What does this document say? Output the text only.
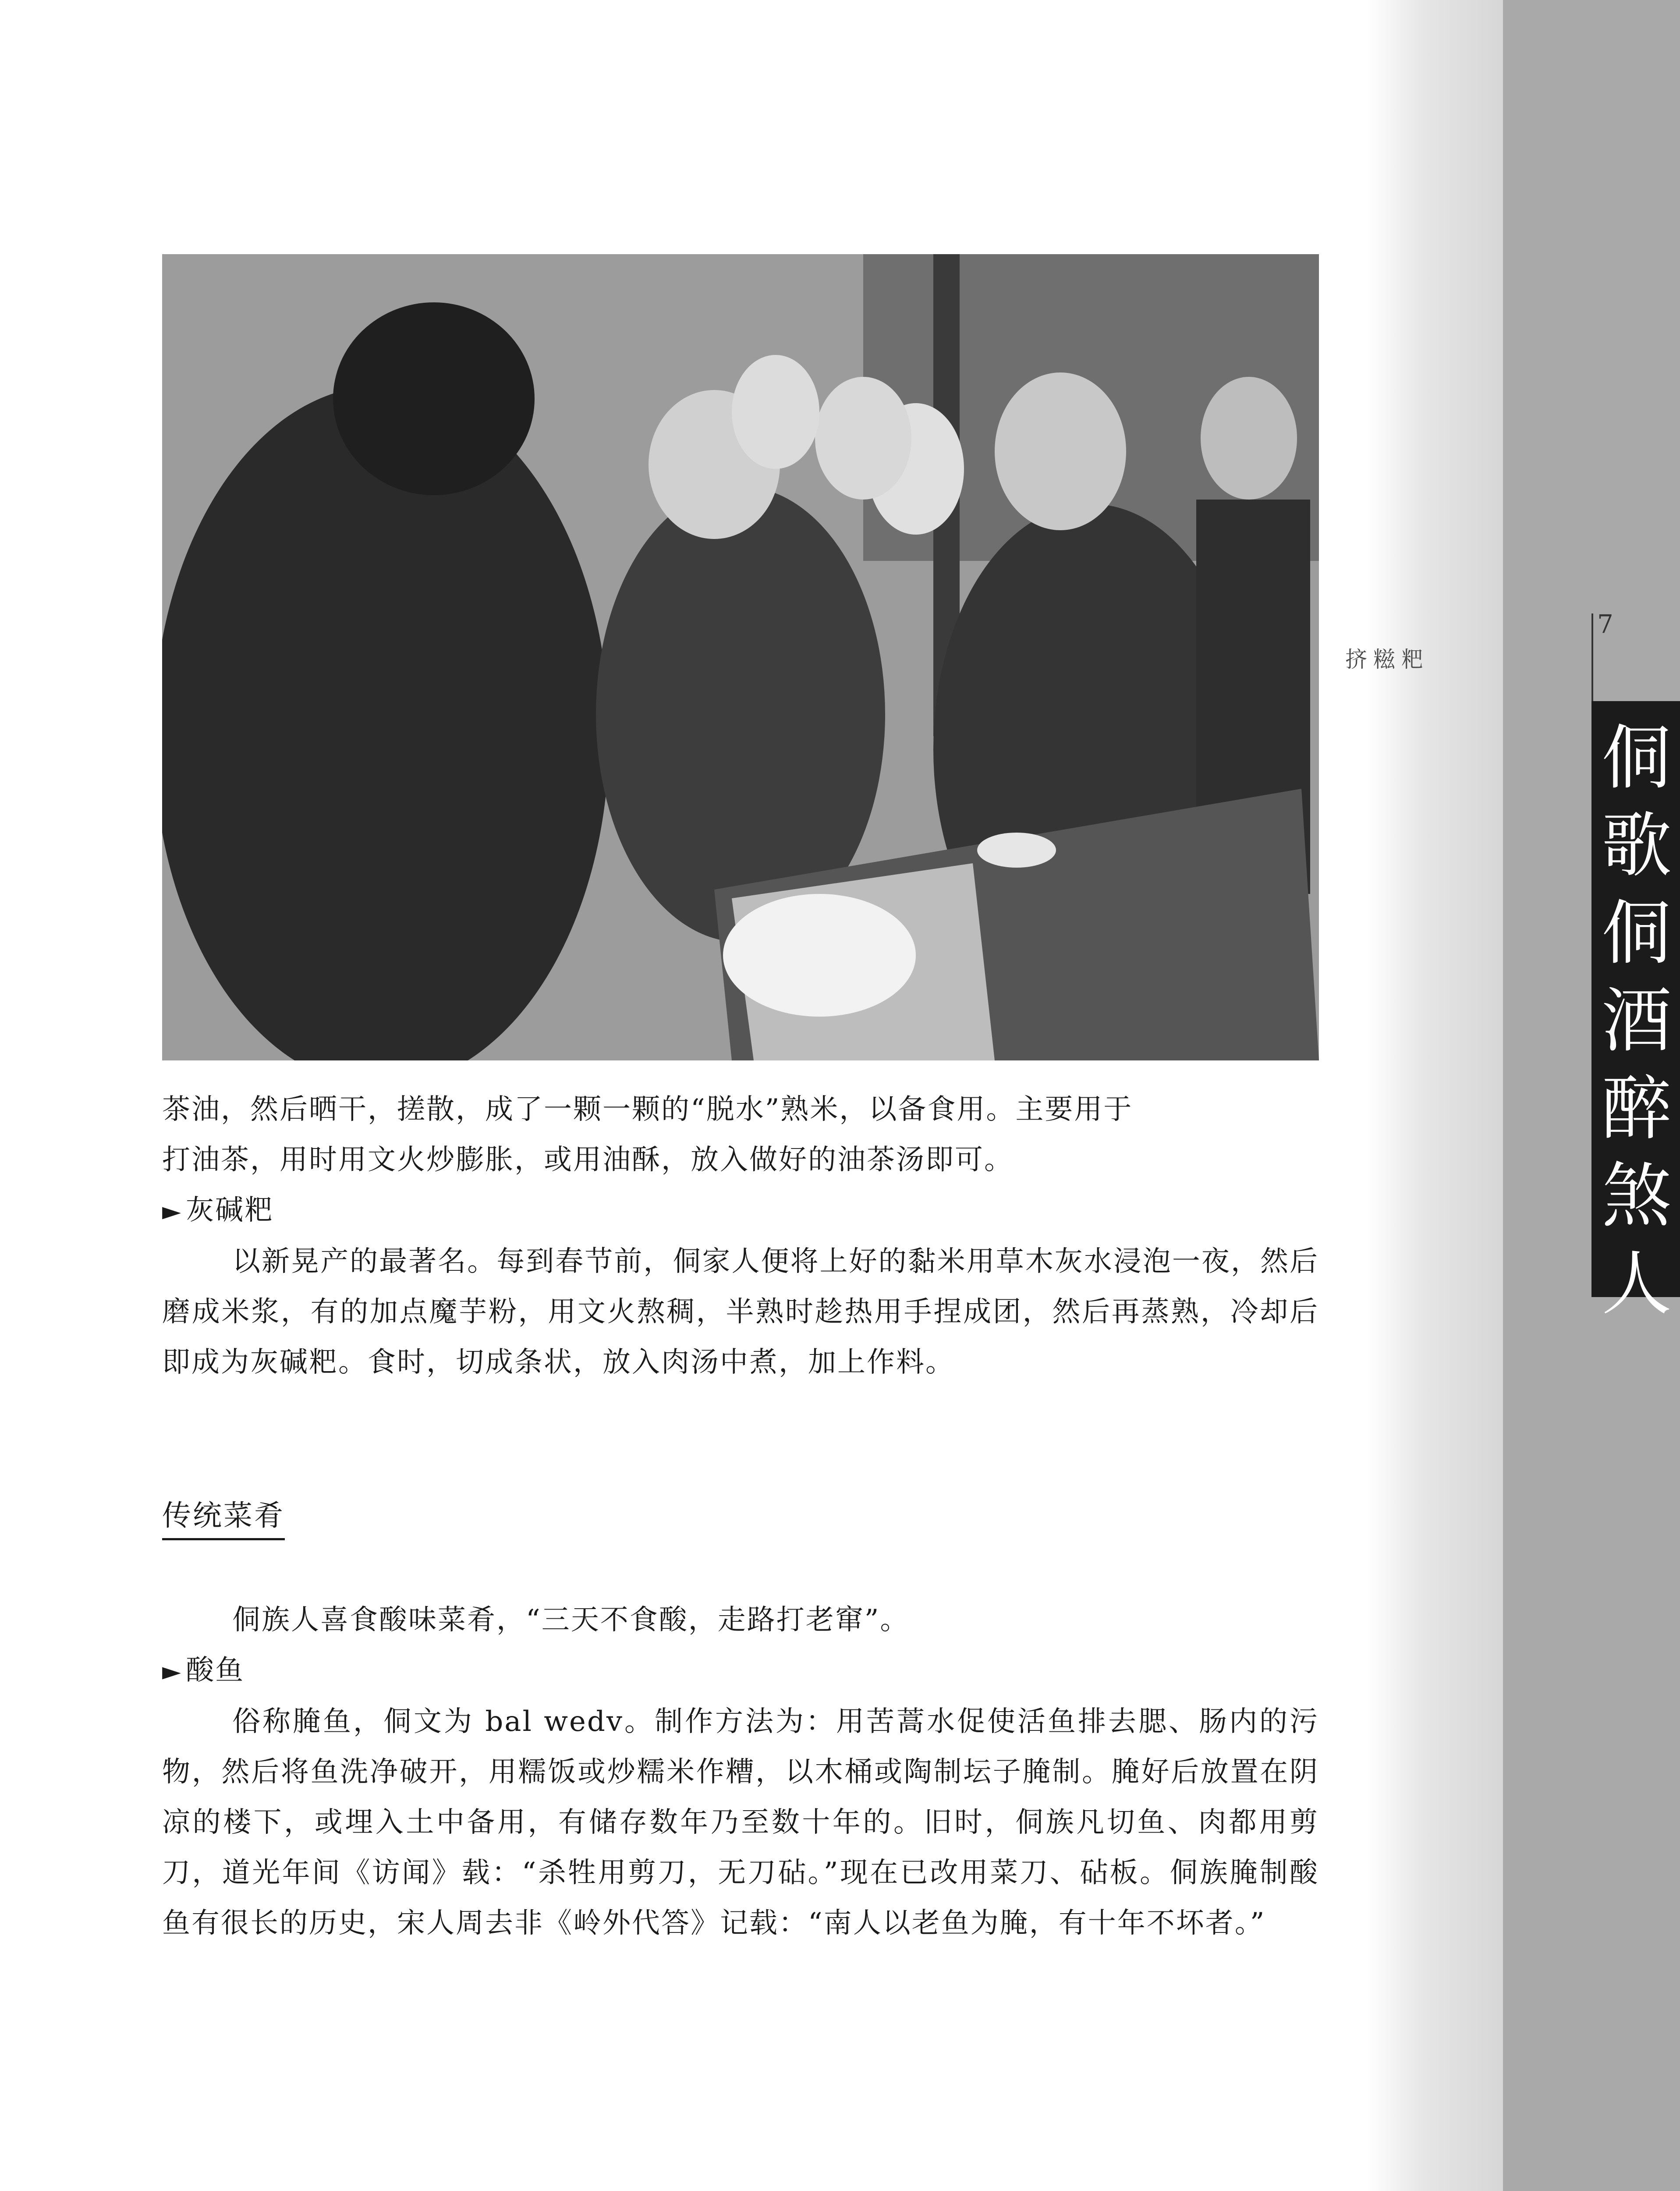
茶油，然后晒干，搓散，成了一颗一颗的“脱水”熟米，以备食用。主要用于

打油茶，用时用文火炒膨胀，或用油酥，放入做好的油茶汤即可。

► 灰碱粑

以新晃产的最著名。每到春节前，侗家人便将上好的黏米用草木灰水浸泡一夜，然后磨成米浆，有的加点魔芋粉，用文火熬稠，半熟时趁热用手捏成团，然后再蒸熟，冷却后即成为灰碱粑。食时，切成条状，放入肉汤中煮，加上作料。

传统菜肴

侗族人喜食酸味菜肴，“三天不食酸，走路打老窜”。

► 酸鱼

俗称腌鱼，侗文为 bal wedv。制作方法为：用苦蒿水促使活鱼排去腮、肠内的污物，然后将鱼洗净破开，用糯饭或炒糯米作糟，以木桶或陶制坛子腌制。腌好后放置在阴凉的楼下，或埋入土中备用，有储存数年乃至数十年的。旧时，侗族凡切鱼、肉都用剪刀，道光年间《访闻》载：“杀牲用剪刀，无刀砧。”现在已改用菜刀、砧板。侗族腌制酸鱼有很长的历史，宋人周去非《岭外代答》记载：“南人以老鱼为腌，有十年不坏者。”

挤糍粑
7
侗歌侗酒醉煞人
